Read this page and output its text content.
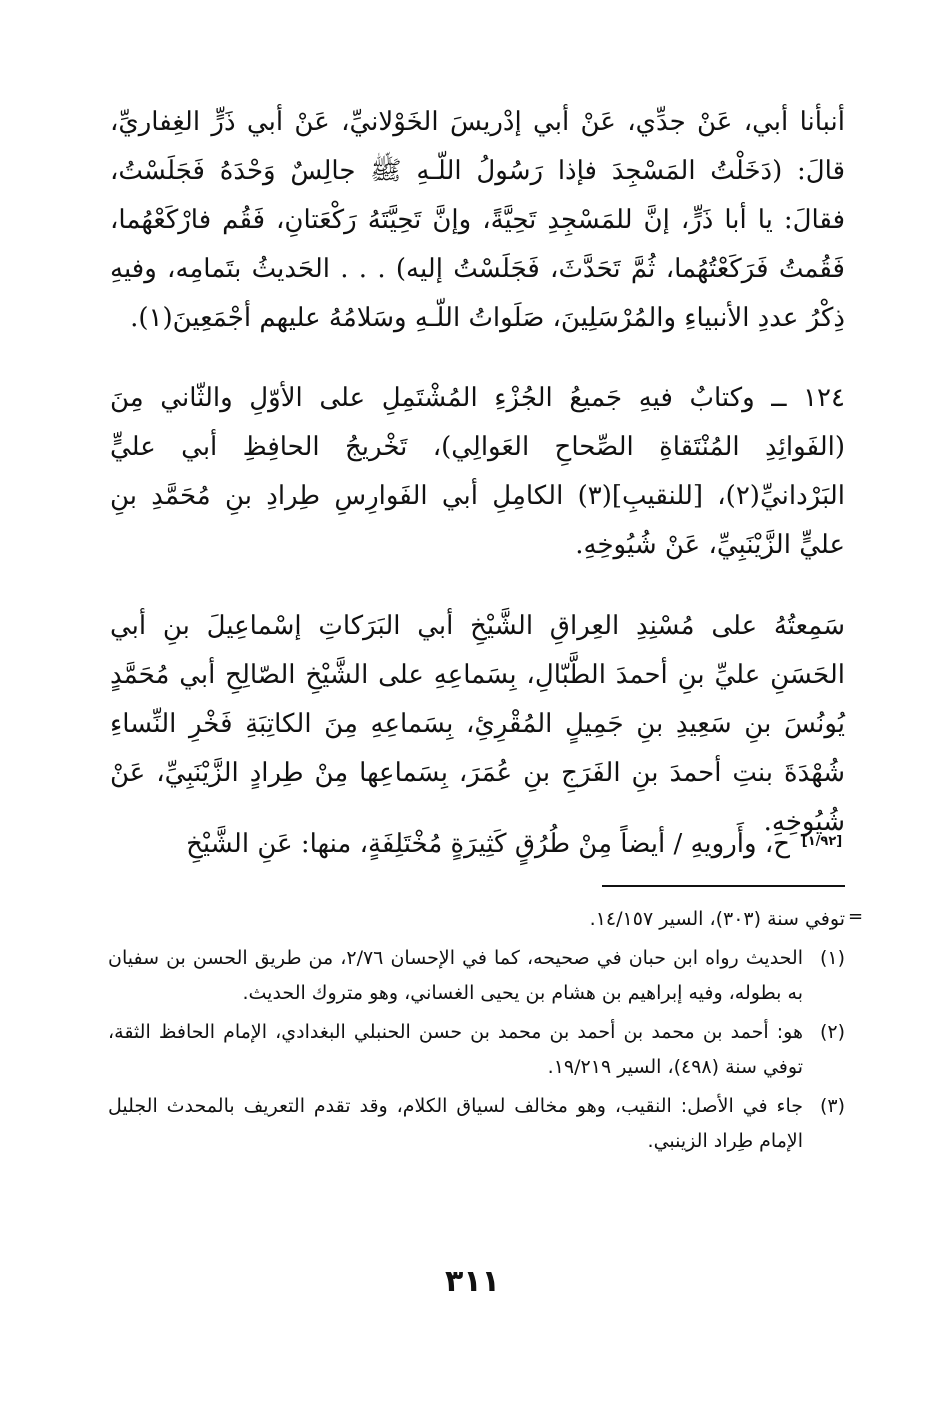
أنبأنا أبي، عَنْ جدِّي، عَنْ أبي إدْريسَ الخَوْلانيِّ، عَنْ أبي ذَرٍّ الغِفاريِّ، قالَ: (دَخَلْتُ المَسْجِدَ فإذا رَسُولُ اللّـهِ ﷺ جالِسٌ وَحْدَهُ فَجَلَسْتُ، فقالَ: يا أبا ذَرٍّ، إنَّ للمَسْجِدِ تَحِيَّةً، وإنَّ تَحِيَّتَهُ رَكْعَتانِ، فَقُم فارْكَعْهُما، فَقُمتُ فَرَكَعْتُهُما، ثُمَّ تَحَدَّثَ، فَجَلَسْتُ إليه) . . . الحَديثُ بتَمامِه، وفيهِ ذِكْرُ عددِ الأنبياءِ والمُرْسَلِينَ، صَلَواتُ اللّـهِ وسَلامُهُ عليهم أجْمَعِينَ(١).

١٢٤ ــ وكتابٌ فيهِ جَميعُ الجُزْءِ المُشْتَمِلِ على الأوّلِ والثّاني مِنَ (الفَوائِدِ المُنْتَقاةِ الصِّحاحِ العَوالِي)، تَخْريجُ الحافِظِ أبي عليٍّ البَرْدانيِّ(٢)، [للنقيبِ](٣) الكامِلِ أبي الفَوارِسِ طِرادِ بنِ مُحَمَّدِ بنِ عليٍّ الزَّيْنَبِيِّ، عَنْ شُيُوخِهِ.

سَمِعتُهُ على مُسْنِدِ العِراقِ الشَّيْخِ أبي البَرَكاتِ إسْماعِيلَ بنِ أبي الحَسَنِ عليِّ بنِ أحمدَ الطَّبّالِ، بِسَماعِهِ على الشَّيْخِ الصّالِحِ أبي مُحَمَّدٍ يُونُسَ بنِ سَعِيدِ بنِ جَمِيلٍ المُقْرِئِ، بِسَماعِهِ مِنَ الكاتِبَةِ فَخْرِ النِّساءِ شُهْدَةَ بنتِ أحمدَ بنِ الفَرَجِ بنِ عُمَرَ، بِسَماعِها مِنْ طِرادٍ الزَّيْنَبِيِّ، عَنْ شُيُوخِهِ.

ح، وأَرويهِ / أيضاً مِنْ طُرُقٍ كَثِيرَةٍ مُخْتَلِفَةٍ، منها: عَنِ الشَّيْخِ [١/٩٢]
=
توفي سنة (٣٠٣)، السير ١٤/١٥٧.
(١)
الحديث رواه ابن حبان في صحيحه، كما في الإحسان ٢/٧٦، من طريق الحسن بن سفيان به بطوله، وفيه إبراهيم بن هشام بن يحيى الغساني، وهو متروك الحديث.
(٢)
هو: أحمد بن محمد بن أحمد بن محمد بن حسن الحنبلي البغدادي، الإمام الحافظ الثقة، توفي سنة (٤٩٨)، السير ١٩/٢١٩.
(٣)
جاء في الأصل: النقيب، وهو مخالف لسياق الكلام، وقد تقدم التعريف بالمحدث الجليل الإمام طِراد الزينبي.
٣١١
